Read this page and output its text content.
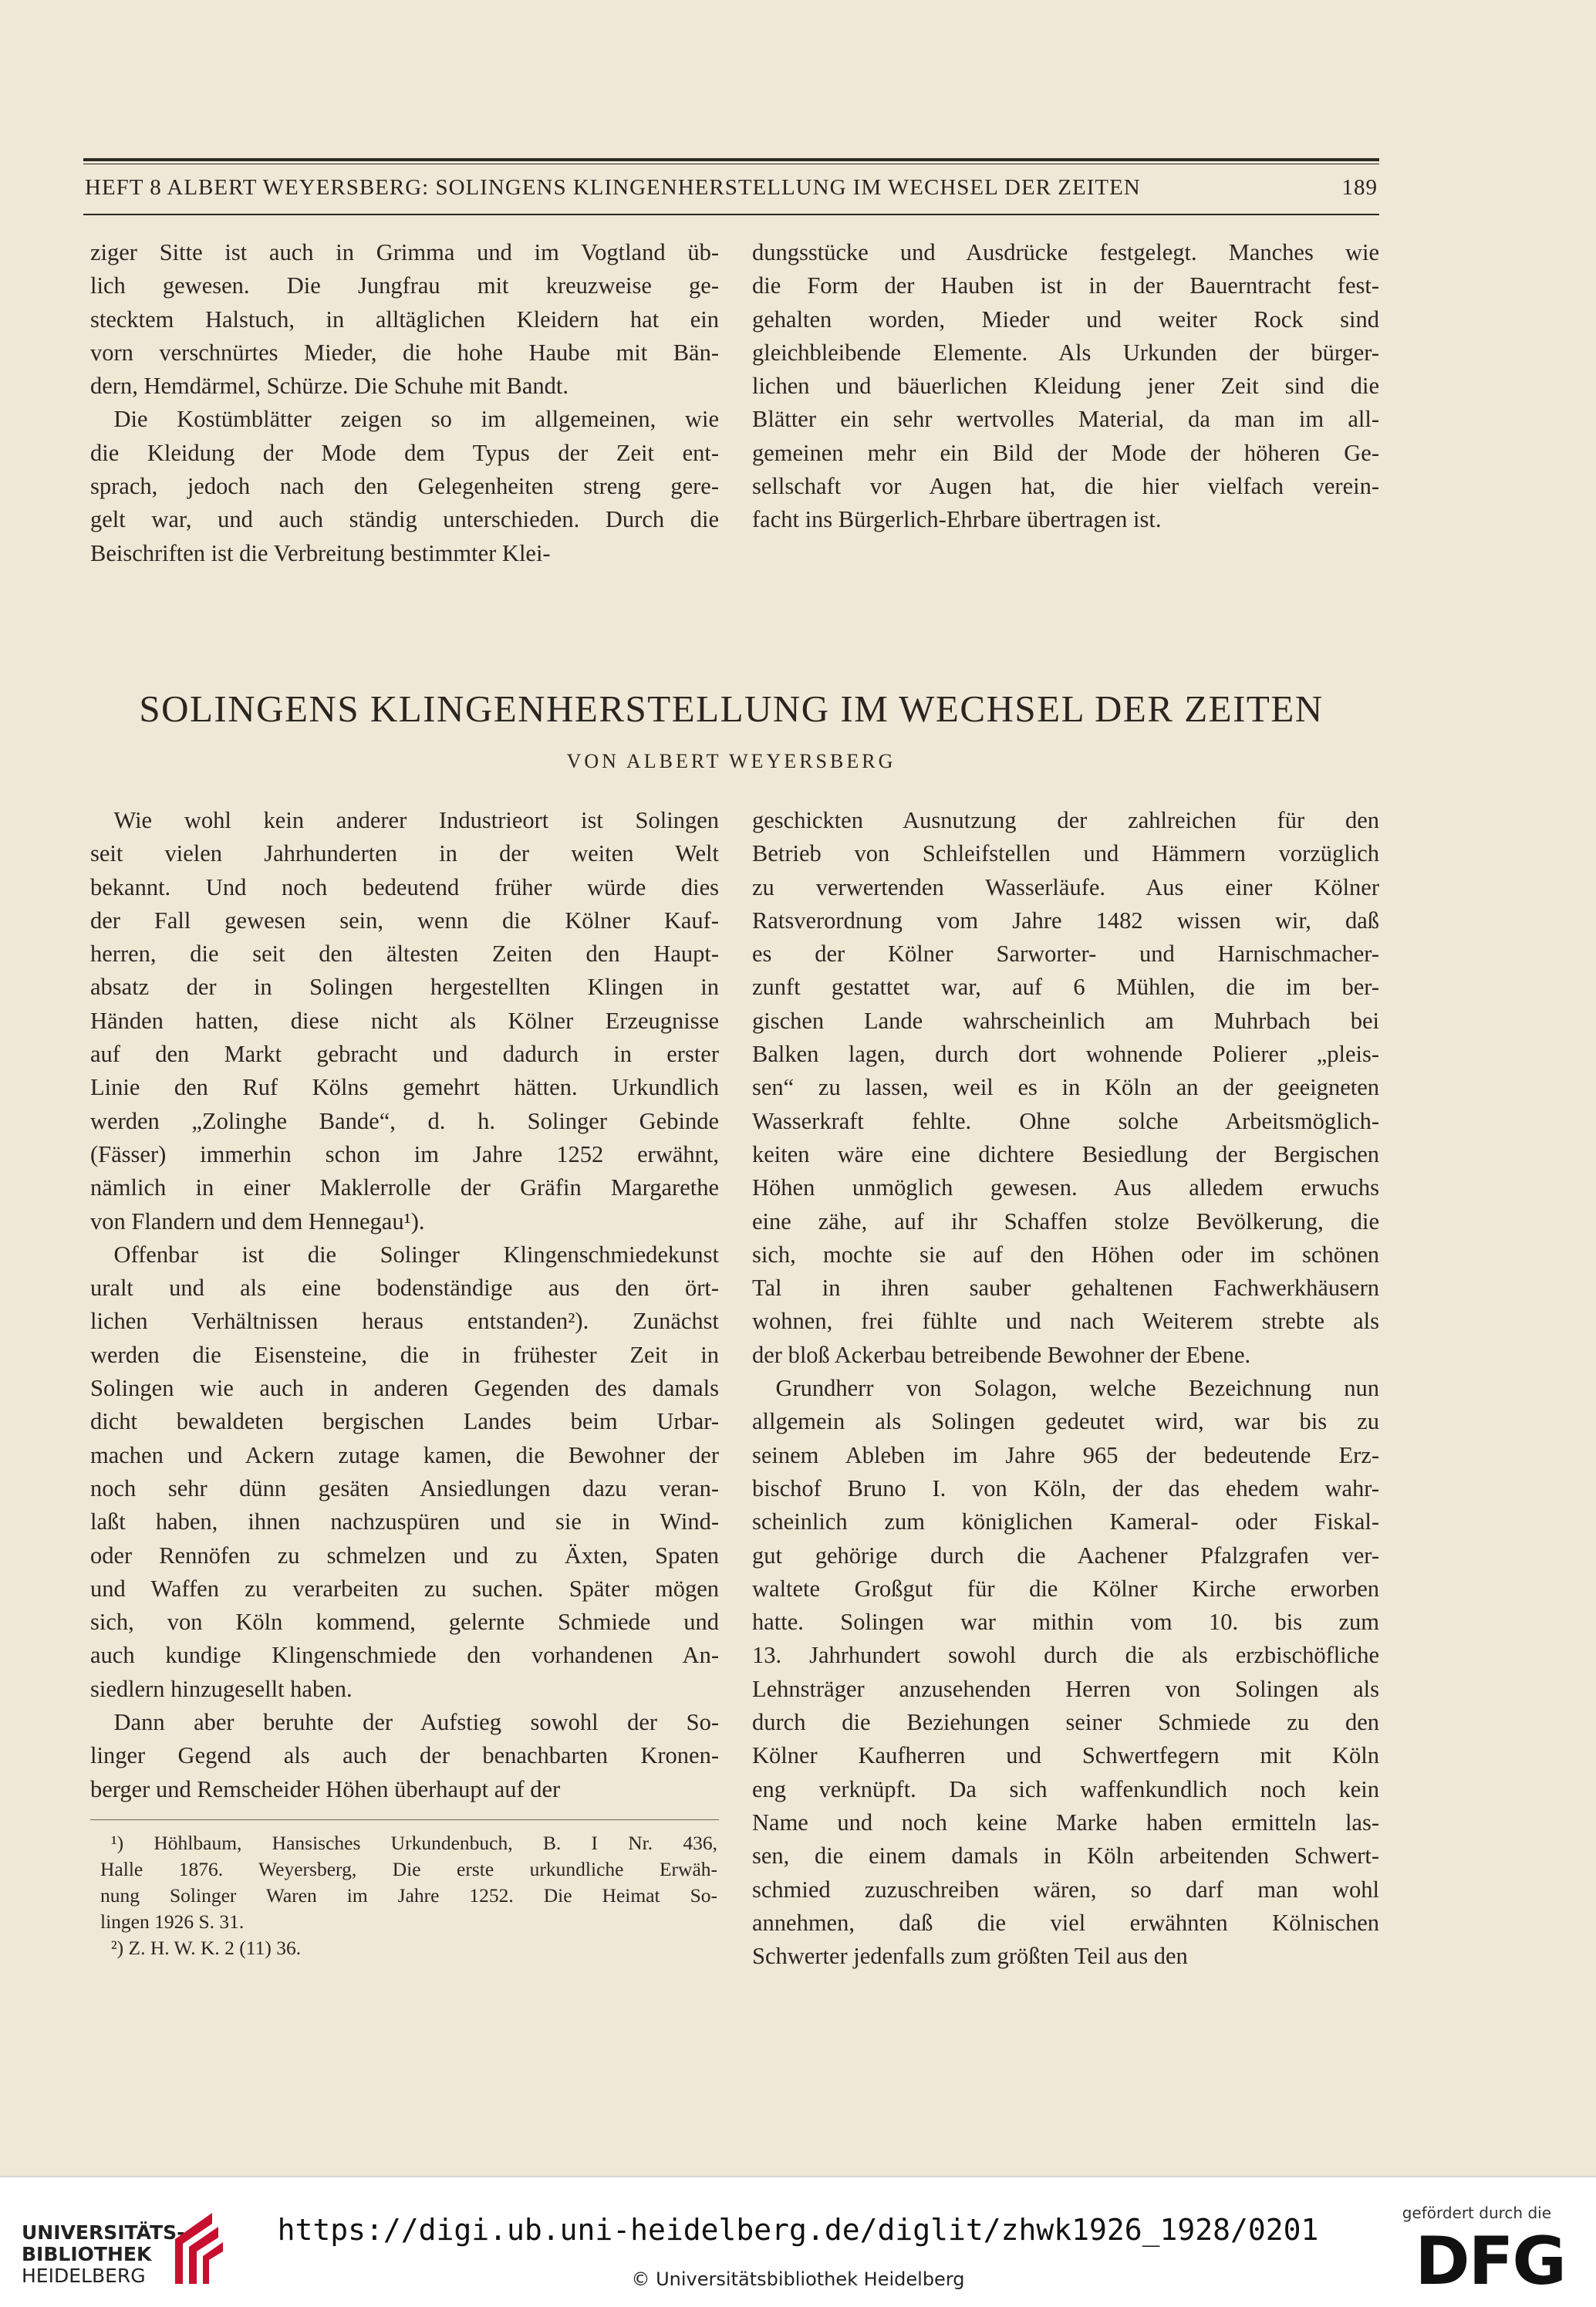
HEFT 8 ALBERT WEYERSBERG: SOLINGENS KLINGENHERSTELLUNG IM WECHSEL DER ZEITEN	189
ziger Sitte ist auch in Grimma und im Vogtland üb-
lich gewesen. Die Jungfrau mit kreuzweise ge-
stecktem Halstuch, in alltäglichen Kleidern hat ein
vorn verschnürtes Mieder, die hohe Haube mit Bän-
dern, Hemdärmel, Schürze. Die Schuhe mit Bandt.
 Die Kostümblätter zeigen so im allgemeinen, wie
die Kleidung der Mode dem Typus der Zeit ent-
sprach, jedoch nach den Gelegenheiten streng gere-
gelt war, und auch ständig unterschieden. Durch die
Beischriften ist die Verbreitung bestimmter Klei-
dungsstücke und Ausdrücke festgelegt. Manches wie
die Form der Hauben ist in der Bauerntracht fest-
gehalten worden, Mieder und weiter Rock sind
gleichbleibende Elemente. Als Urkunden der bürger-
lichen und bäuerlichen Kleidung jener Zeit sind die
Blätter ein sehr wertvolles Material, da man im all-
gemeinen mehr ein Bild der Mode der höheren Ge-
sellschaft vor Augen hat, die hier vielfach verein-
facht ins Bürgerlich-Ehrbare übertragen ist.
SOLINGENS KLINGENHERSTELLUNG IM WECHSEL DER ZEITEN
VON ALBERT WEYERSBERG
 Wie wohl kein anderer Industrieort ist Solingen
seit vielen Jahrhunderten in der weiten Welt
bekannt. Und noch bedeutend früher würde dies
der Fall gewesen sein, wenn die Kölner Kauf-
herren, die seit den ältesten Zeiten den Haupt-
absatz der in Solingen hergestellten Klingen in
Händen hatten, diese nicht als Kölner Erzeugnisse
auf den Markt gebracht und dadurch in erster
Linie den Ruf Kölns gemehrt hätten. Urkundlich
werden „Zolinghe Bande“, d. h. Solinger Gebinde
(Fässer) immerhin schon im Jahre 1252 erwähnt,
nämlich in einer Maklerrolle der Gräfin Margarethe
von Flandern und dem Hennegau¹).
 Offenbar ist die Solinger Klingenschmiedekunst
uralt und als eine bodenständige aus den ört-
lichen Verhältnissen heraus entstanden²). Zunächst
werden die Eisensteine, die in frühester Zeit in
Solingen wie auch in anderen Gegenden des damals
dicht bewaldeten bergischen Landes beim Urbar-
machen und Ackern zutage kamen, die Bewohner der
noch sehr dünn gesäten Ansiedlungen dazu veran-
laßt haben, ihnen nachzuspüren und sie in Wind-
oder Rennöfen zu schmelzen und zu Äxten, Spaten
und Waffen zu verarbeiten zu suchen. Später mögen
sich, von Köln kommend, gelernte Schmiede und
auch kundige Klingenschmiede den vorhandenen An-
siedlern hinzugesellt haben.
 Dann aber beruhte der Aufstieg sowohl der So-
linger Gegend als auch der benachbarten Kronen-
berger und Remscheider Höhen überhaupt auf der
geschickten Ausnutzung der zahlreichen für den
Betrieb von Schleifstellen und Hämmern vorzüglich
zu verwertenden Wasserläufe. Aus einer Kölner
Ratsverordnung vom Jahre 1482 wissen wir, daß
es der Kölner Sarworter- und Harnischmacher-
zunft gestattet war, auf 6 Mühlen, die im ber-
gischen Lande wahrscheinlich am Muhrbach bei
Balken lagen, durch dort wohnende Polierer „pleis-
sen“ zu lassen, weil es in Köln an der geeigneten
Wasserkraft fehlte. Ohne solche Arbeitsmöglich-
keiten wäre eine dichtere Besiedlung der Bergischen
Höhen unmöglich gewesen. Aus alledem erwuchs
eine zähe, auf ihr Schaffen stolze Bevölkerung, die
sich, mochte sie auf den Höhen oder im schönen
Tal in ihren sauber gehaltenen Fachwerkhäusern
wohnen, frei fühlte und nach Weiterem strebte als
der bloß Ackerbau betreibende Bewohner der Ebene.
 Grundherr von Solagon, welche Bezeichnung nun
allgemein als Solingen gedeutet wird, war bis zu
seinem Ableben im Jahre 965 der bedeutende Erz-
bischof Bruno I. von Köln, der das ehedem wahr-
scheinlich zum königlichen Kameral- oder Fiskal-
gut gehörige durch die Aachener Pfalzgrafen ver-
waltete Großgut für die Kölner Kirche erworben
hatte. Solingen war mithin vom 10. bis zum
13. Jahrhundert sowohl durch die als erzbischöfliche
Lehnsträger anzusehenden Herren von Solingen als
durch die Beziehungen seiner Schmiede zu den
Kölner Kaufherren und Schwertfegern mit Köln
eng verknüpft. Da sich waffenkundlich noch kein
Name und noch keine Marke haben ermitteln las-
sen, die einem damals in Köln arbeitenden Schwert-
schmied zuzuschreiben wären, so darf man wohl
annehmen, daß die viel erwähnten Kölnischen
Schwerter jedenfalls zum größten Teil aus den
¹) Höhlbaum, Hansisches Urkundenbuch, B. I Nr. 436,
Halle 1876. Weyersberg, Die erste urkundliche Erwäh-
nung Solinger Waren im Jahre 1252. Die Heimat So-
lingen 1926 S. 31.
²) Z. H. W. K. 2 (11) 36.
UNIVERSITÄTS-
BIBLIOTHEK
HEIDELBERG
https://digi.ub.uni-heidelberg.de/diglit/zhwk1926_1928/0201
© Universitätsbibliothek Heidelberg
gefördert durch die
DFG
